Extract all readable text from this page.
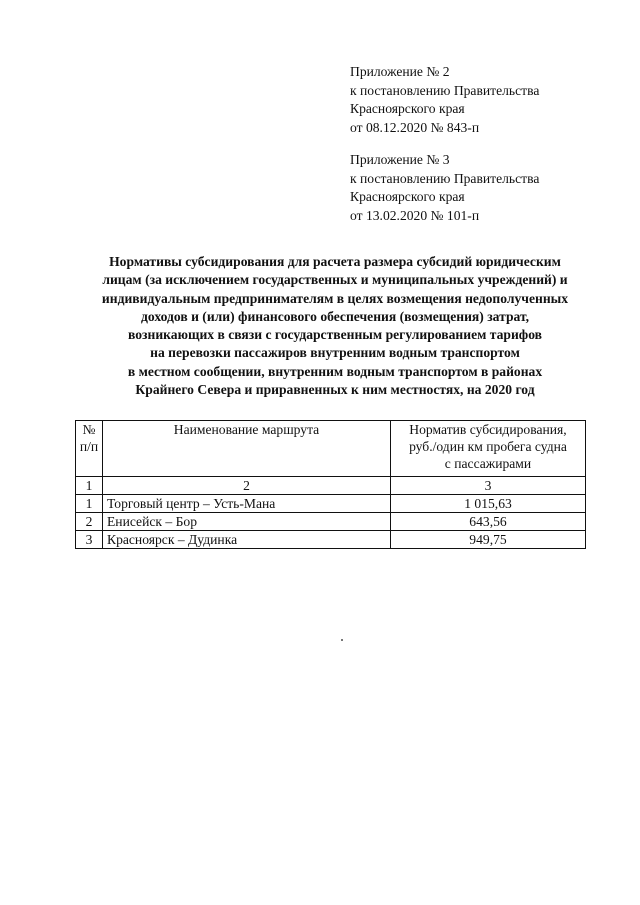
Приложение № 2
к постановлению Правительства
Красноярского края
от 08.12.2020 № 843-п
Приложение № 3
к постановлению Правительства
Красноярского края
от 13.02.2020 № 101-п
Нормативы субсидирования для расчета размера субсидий юридическим
лицам (за исключением государственных и муниципальных учреждений) и
индивидуальным предпринимателям в целях возмещения недополученных
доходов и (или) финансового обеспечения (возмещения) затрат,
возникающих в связи с государственным регулированием тарифов
на перевозки пассажиров внутренним водным транспортом
в местном сообщении, внутренним водным транспортом в районах
Крайнего Севера и приравненных к ним местностях, на 2020 год
№
п/п	Наименование маршрута	Норматив субсидирования,
руб./один км пробега судна
с пассажирами

1	2	3
1	Торговый центр – Усть-Мана	1 015,63
2	Енисейск – Бор	643,56
3	Красноярск – Дудинка	949,75
